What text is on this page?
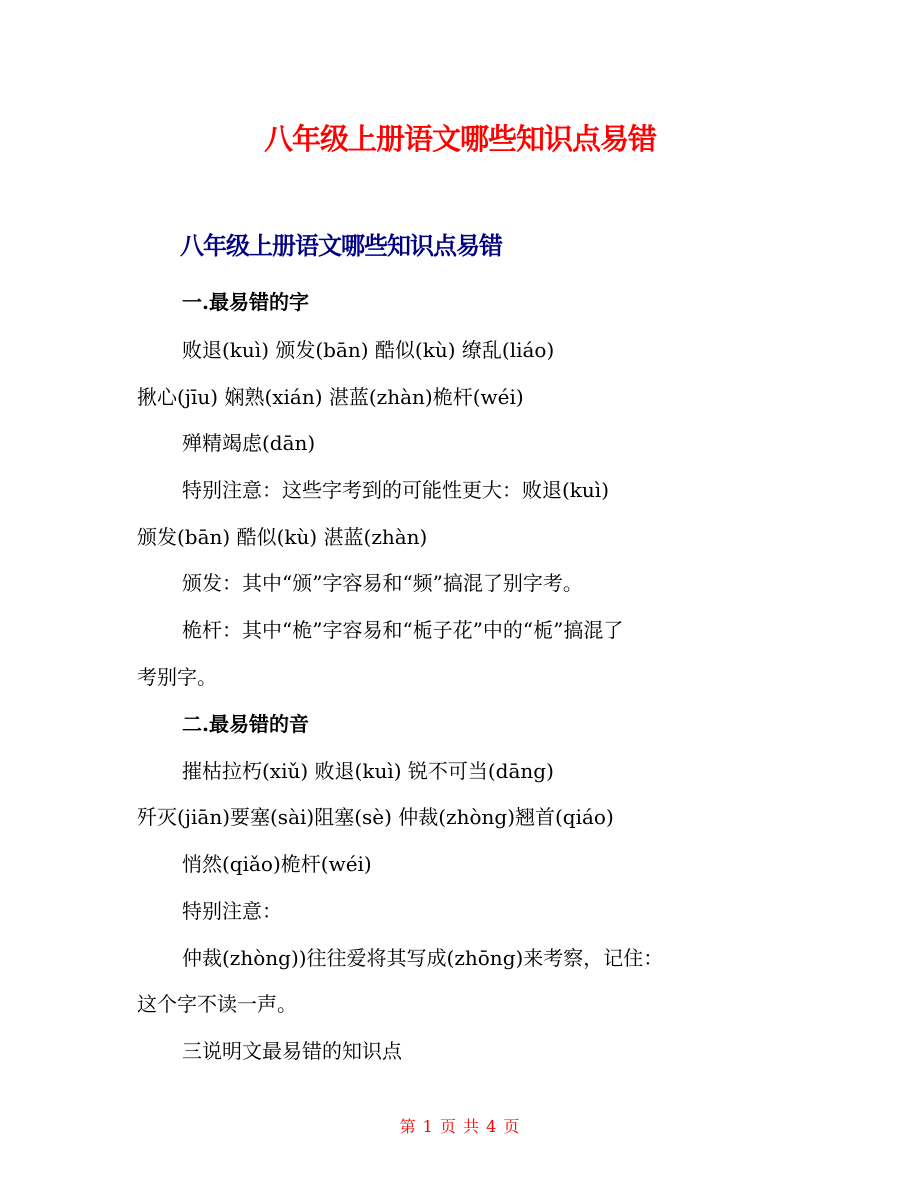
八年级上册语文哪些知识点易错
八年级上册语文哪些知识点易错
一.最易错的字
败退(kuì) 颁发(bān) 酷似(kù) 缭乱(liáo)
揪心(jīu) 娴熟(xián) 湛蓝(zhàn)桅杆(wéi)
殚精竭虑(dān)
特别注意：这些字考到的可能性更大：败退(kuì)
颁发(bān) 酷似(kù) 湛蓝(zhàn)
颁发：其中“颁”字容易和“频”搞混了别字考。
桅杆：其中“桅”字容易和“栀子花”中的“栀”搞混了
考别字。
二.最易错的音
摧枯拉朽(xiǔ) 败退(kuì) 锐不可当(dāng)
歼灭(jiān)要塞(sài)阻塞(sè) 仲裁(zhòng)翘首(qiáo)
悄然(qiǎo)桅杆(wéi)
特别注意：
仲裁(zhòng))往往爱将其写成(zhōng)来考察，记住：
这个字不读一声。
三说明文最易错的知识点
第 1 页 共 4 页
